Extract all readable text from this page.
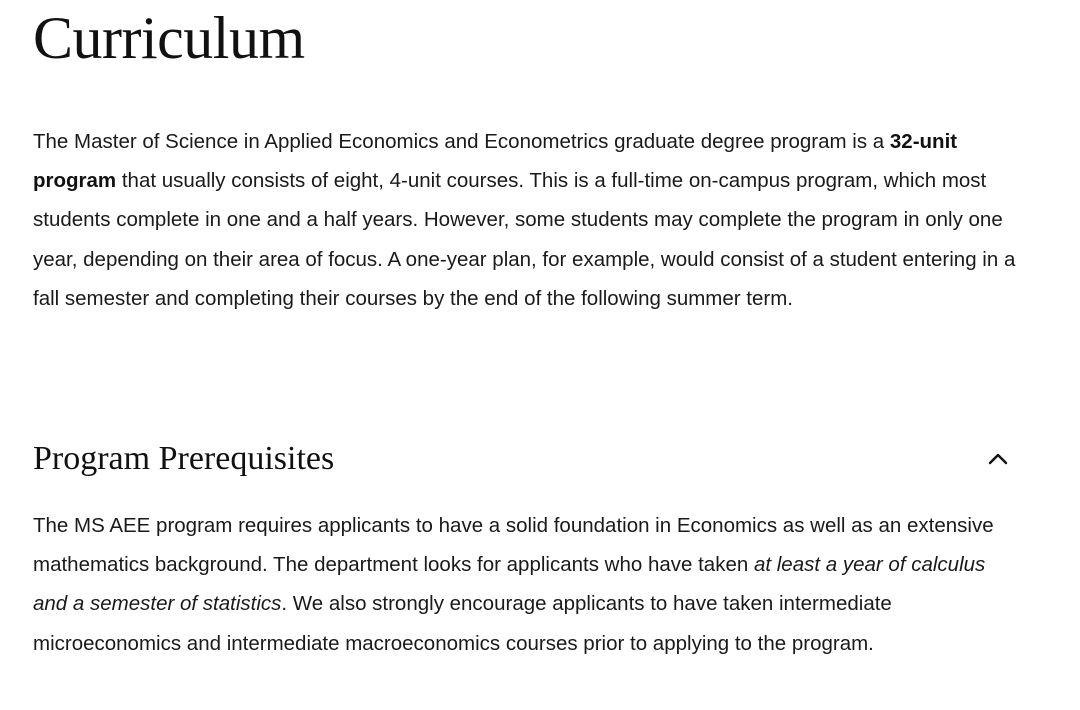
Curriculum

The Master of Science in Applied Economics and Econometrics graduate degree program is a 32-unit program that usually consists of eight, 4-unit courses. This is a full-time on-campus program, which most students complete in one and a half years. However, some students may complete the program in only one year, depending on their area of focus. A one-year plan, for example, would consist of a student entering in a fall semester and completing their courses by the end of the following summer term.

Program Prerequisites

The MS AEE program requires applicants to have a solid foundation in Economics as well as an extensive mathematics background. The department looks for applicants who have taken at least a year of calculus and a semester of statistics. We also strongly encourage applicants to have taken intermediate microeconomics and intermediate macroeconomics courses prior to applying to the program.
